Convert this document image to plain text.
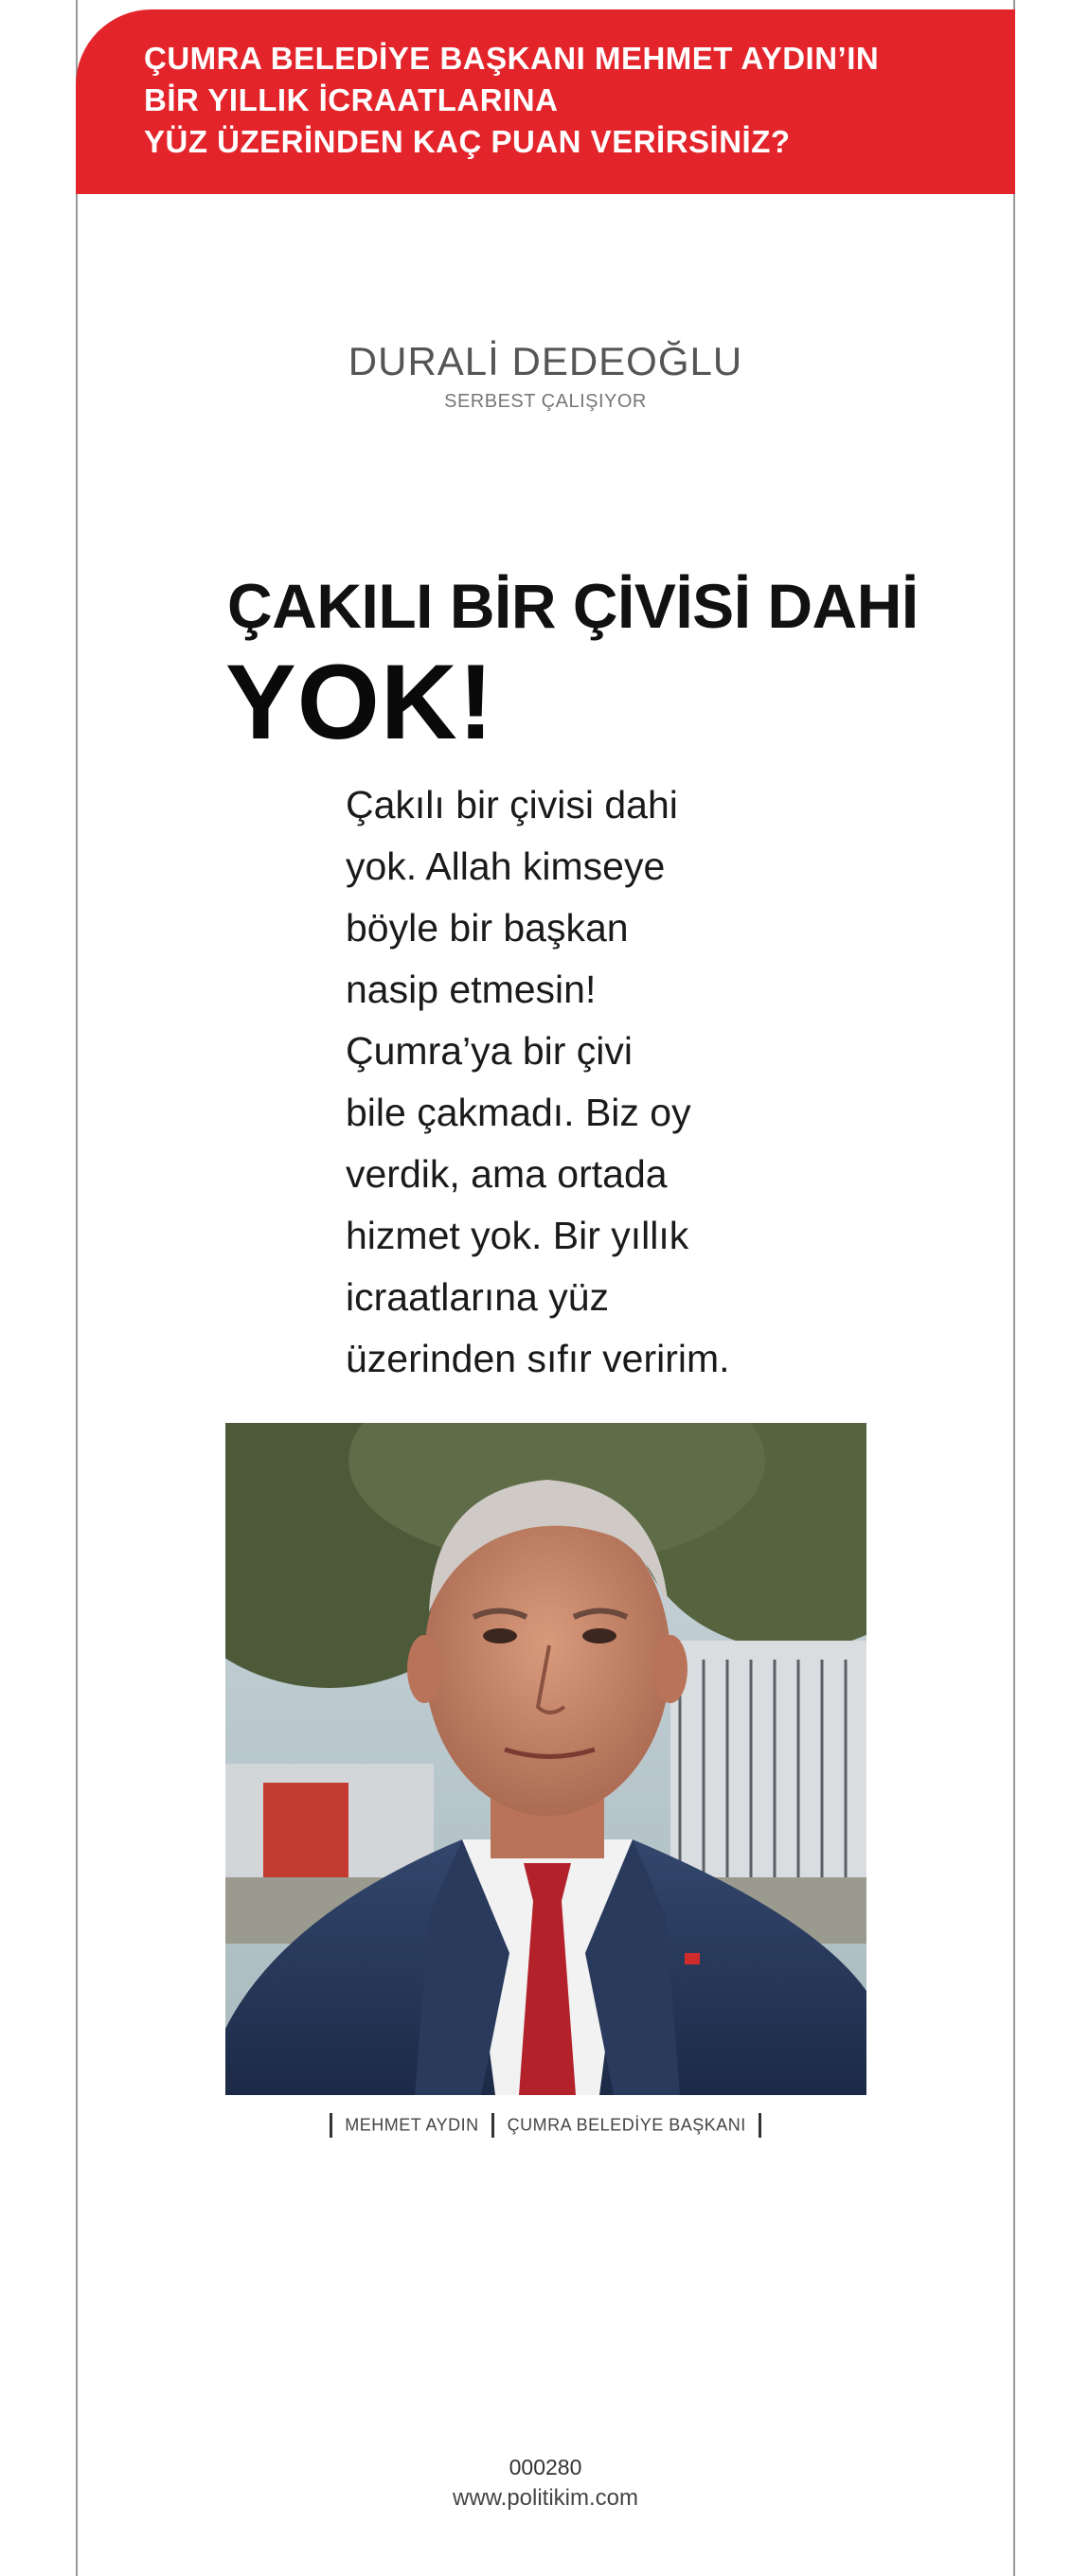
ÇUMRA BELEDİYE BAŞKANI MEHMET AYDIN’IN
BİR YILLIK İCRAATLARINA
YÜZ ÜZERİNDEN KAÇ PUAN VERİRSİNİZ?
DURALİ DEDEOĞLU
SERBEST ÇALIŞIYOR
ÇAKILI BİR ÇİVİSİ DAHİ
YOK!
Çakılı bir çivisi dahi
yok. Allah kimseye
böyle bir başkan
nasip etmesin!
Çumra’ya bir çivi
bile çakmadı. Biz oy
verdik, ama ortada
hizmet yok. Bir yıllık
icraatlarına yüz
üzerinden sıfır veririm.
MEHMET AYDIN ÇUMRA BELEDİYE BAŞKANI
000280
www.politikim.com
